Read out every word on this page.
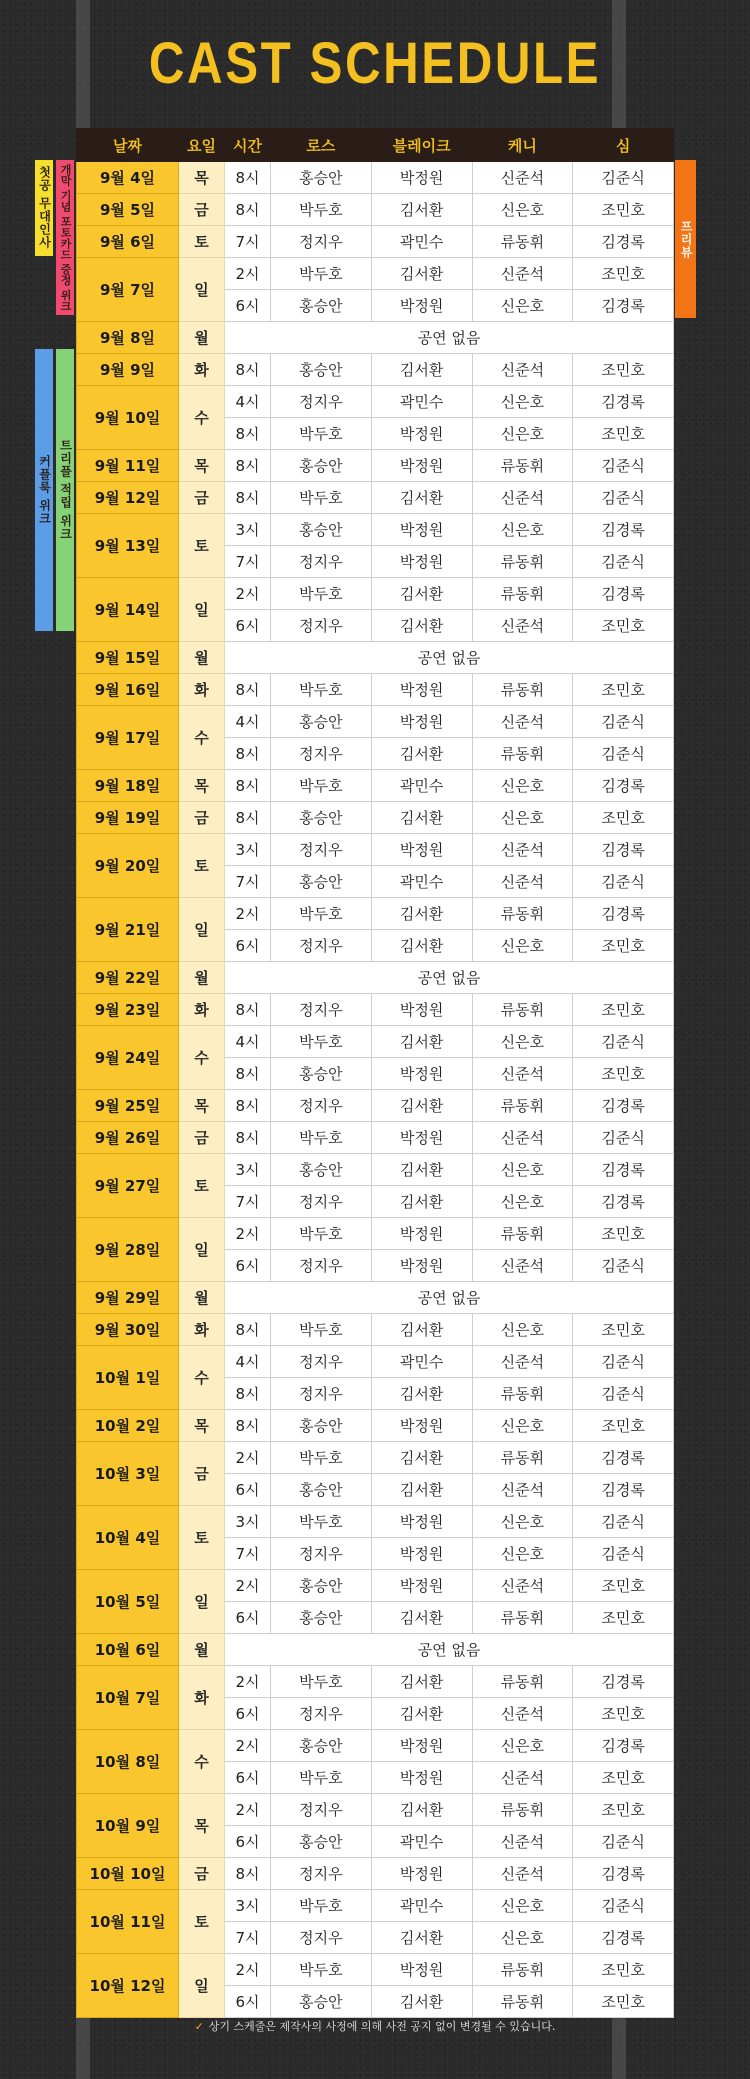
CAST SCHEDULE
날짜	요일	시간	로스	블레이크	케니	심
9월 4일	목	8시	홍승안	박정원	신준석	김준식
9월 5일	금	8시	박두호	김서환	신은호	조민호
9월 6일	토	7시	정지우	곽민수	류동휘	김경록
9월 7일	일	2시	박두호	김서환	신준석	조민호
		6시	홍승안	박정원	신은호	김경록
9월 8일	월	공연 없음				
9월 9일	화	8시	홍승안	김서환	신준석	조민호
9월 10일	수	4시	정지우	곽민수	신은호	김경록
		8시	박두호	박정원	신은호	조민호
9월 11일	목	8시	홍승안	박정원	류동휘	김준식
9월 12일	금	8시	박두호	김서환	신준석	김준식
9월 13일	토	3시	홍승안	박정원	신은호	김경록
		7시	정지우	박정원	류동휘	김준식
9월 14일	일	2시	박두호	김서환	류동휘	김경록
		6시	정지우	김서환	신준석	조민호
9월 15일	월	공연 없음				
9월 16일	화	8시	박두호	박정원	류동휘	조민호
9월 17일	수	4시	홍승안	박정원	신준석	김준식
		8시	정지우	김서환	류동휘	김준식
9월 18일	목	8시	박두호	곽민수	신은호	김경록
9월 19일	금	8시	홍승안	김서환	신은호	조민호
9월 20일	토	3시	정지우	박정원	신준석	김경록
		7시	홍승안	곽민수	신준석	김준식
9월 21일	일	2시	박두호	김서환	류동휘	김경록
		6시	정지우	김서환	신은호	조민호
9월 22일	월	공연 없음				
9월 23일	화	8시	정지우	박정원	류동휘	조민호
9월 24일	수	4시	박두호	김서환	신은호	김준식
		8시	홍승안	박정원	신준석	조민호
9월 25일	목	8시	정지우	김서환	류동휘	김경록
9월 26일	금	8시	박두호	박정원	신준석	김준식
9월 27일	토	3시	홍승안	김서환	신은호	김경록
		7시	정지우	김서환	신은호	김경록
9월 28일	일	2시	박두호	박정원	류동휘	조민호
		6시	정지우	박정원	신준석	김준식
9월 29일	월	공연 없음				
9월 30일	화	8시	박두호	김서환	신은호	조민호
10월 1일	수	4시	정지우	곽민수	신준석	김준식
		8시	정지우	김서환	류동휘	김준식
10월 2일	목	8시	홍승안	박정원	신은호	조민호
10월 3일	금	2시	박두호	김서환	류동휘	김경록
		6시	홍승안	김서환	신준석	김경록
10월 4일	토	3시	박두호	박정원	신은호	김준식
		7시	정지우	박정원	신은호	김준식
10월 5일	일	2시	홍승안	박정원	신준석	조민호
		6시	홍승안	김서환	류동휘	조민호
10월 6일	월	공연 없음				
10월 7일	화	2시	박두호	김서환	류동휘	김경록
		6시	정지우	김서환	신준석	조민호
10월 8일	수	2시	홍승안	박정원	신은호	김경록
		6시	박두호	박정원	신준석	조민호
10월 9일	목	2시	정지우	김서환	류동휘	조민호
		6시	홍승안	곽민수	신준석	김준식
10월 10일	금	8시	정지우	박정원	신준석	김경록
10월 11일	토	3시	박두호	곽민수	신은호	김준식
		7시	정지우	김서환	신은호	김경록
10월 12일	일	2시	박두호	박정원	류동휘	조민호
		6시	홍승안	김서환	류동휘	조민호
첫공 무대인사 개막 기념 포토카드 증정 위크	프리뷰
커플룩 위크 트리플 적립 위크
✓ 상기 스케줄은 제작사의 사정에 의해 사전 공지 없이 변경될 수 있습니다.
